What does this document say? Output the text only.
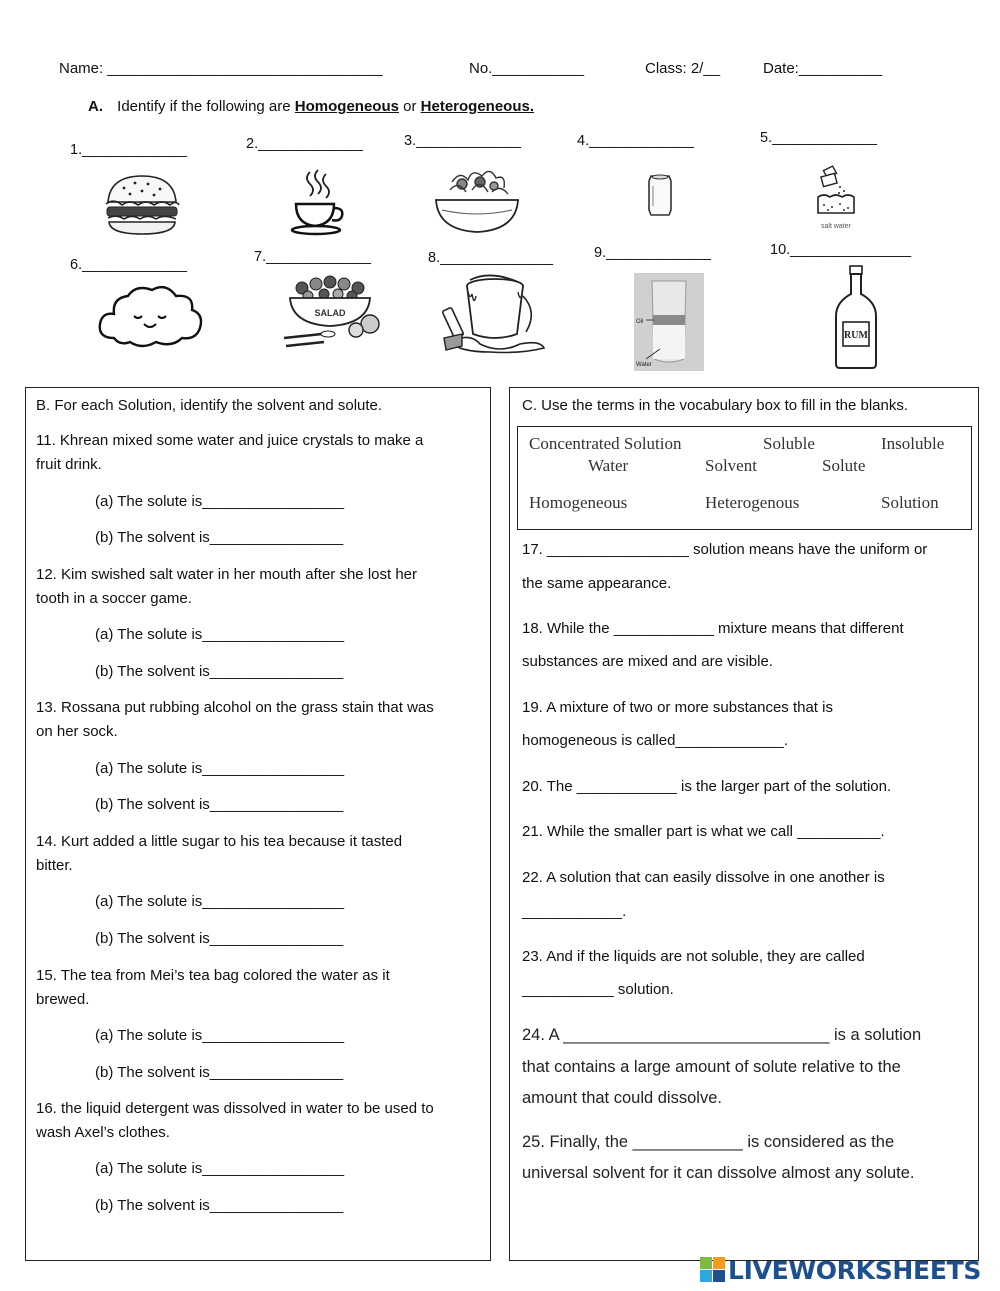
Name: _________________________________	No.___________	Class: 2/__	Date:__________
A. Identify if the following are Homogeneous or Heterogeneous.
1._____________	2._____________	3._____________	4._____________	5._____________
6._____________	7._____________	8.______________	9._____________	10._______________
salt water
SALAD
Oil
Water
RUM
B. For each Solution, identify the solvent and solute.
11. Khrean mixed some water and juice crystals to make a
fruit drink.
(a) The solute is_________________
(b) The solvent is________________
12. Kim swished salt water in her mouth after she lost her
tooth in a soccer game.
(a) The solute is_________________
(b) The solvent is________________
13. Rossana put rubbing alcohol on the grass stain that was
on her sock.
(a) The solute is_________________
(b) The solvent is________________
14. Kurt added a little sugar to his tea because it tasted
bitter.
(a) The solute is_________________
(b) The solvent is________________
15. The tea from Mei’s tea bag colored the water as it
brewed.
(a) The solute is_________________
(b) The solvent is________________
16. the liquid detergent was dissolved in water to be used to
wash Axel’s clothes.
(a) The solute is_________________
(b) The solvent is________________
C. Use the terms in the vocabulary box to fill in the blanks.
Concentrated Solution	Soluble	Insoluble
Water	Solvent	Solute
Homogeneous	Heterogenous	Solution
17. _________________ solution means have the uniform or
the same appearance.
18. While the ____________ mixture means that different
substances are mixed and are visible.
19. A mixture of two or more substances that is
homogeneous is called_____________.
20. The ____________ is the larger part of the solution.
21. While the smaller part is what we call __________.
22. A solution that can easily dissolve in one another is
____________.
23. And if the liquids are not soluble, they are called
___________ solution.
24. A _____________________________ is a solution
that contains a large amount of solute relative to the
amount that could dissolve.
25. Finally, the ____________ is considered as the
universal solvent for it can dissolve almost any solute.
LIVEWORKSHEETS
